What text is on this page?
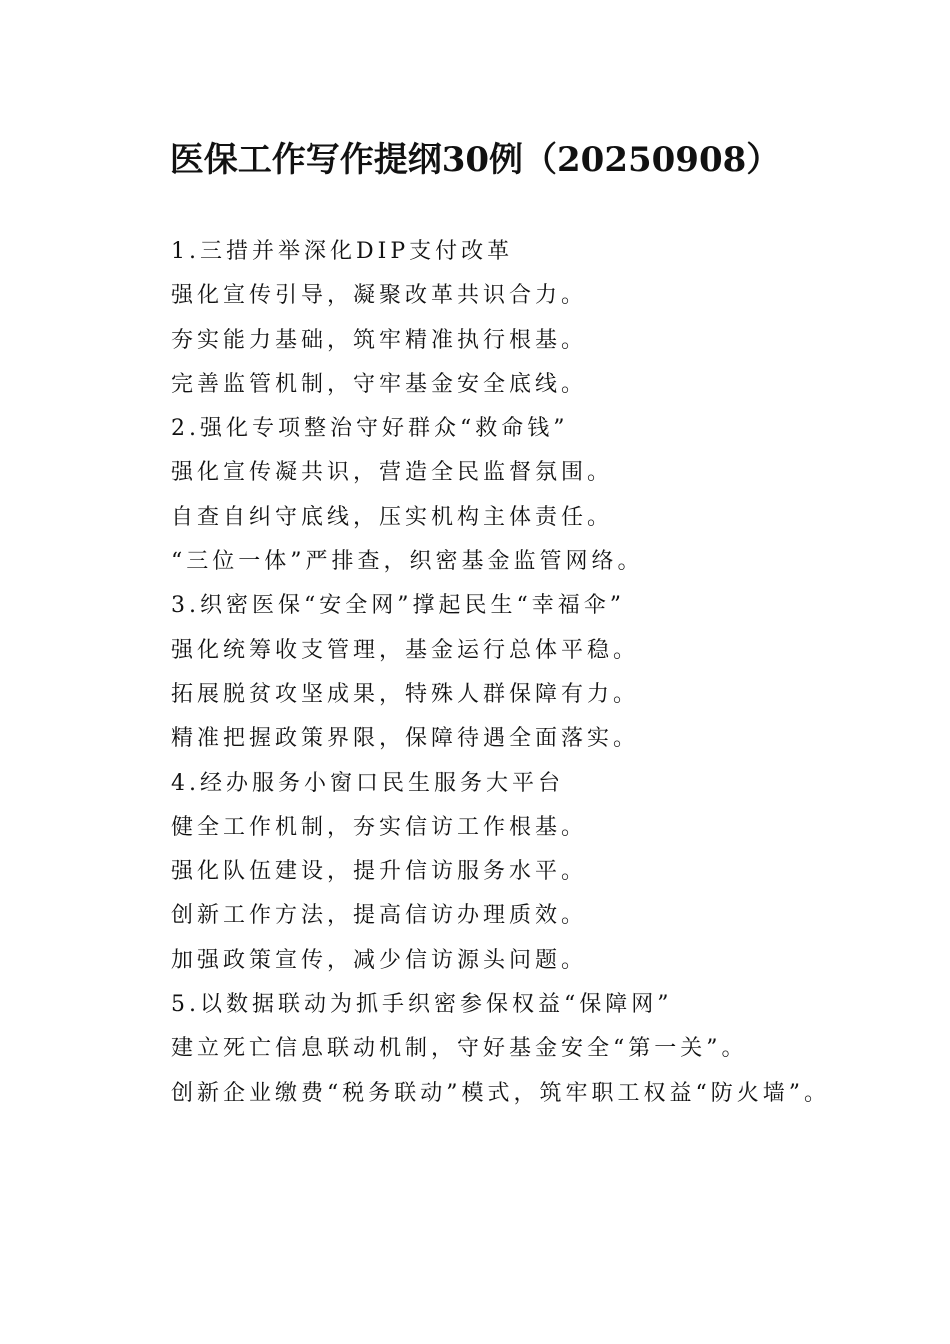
医保工作写作提纲30例（20250908）
1.三措并举深化DIP支付改革
强化宣传引导，凝聚改革共识合力。
夯实能力基础，筑牢精准执行根基。
完善监管机制，守牢基金安全底线。
2.强化专项整治守好群众“救命钱”
强化宣传凝共识，营造全民监督氛围。
自查自纠守底线，压实机构主体责任。
“三位一体”严排查，织密基金监管网络。
3.织密医保“安全网”撑起民生“幸福伞”
强化统筹收支管理，基金运行总体平稳。
拓展脱贫攻坚成果，特殊人群保障有力。
精准把握政策界限，保障待遇全面落实。
4.经办服务小窗口民生服务大平台
健全工作机制，夯实信访工作根基。
强化队伍建设，提升信访服务水平。
创新工作方法，提高信访办理质效。
加强政策宣传，减少信访源头问题。
5.以数据联动为抓手织密参保权益“保障网”
建立死亡信息联动机制，守好基金安全“第一关”。
创新企业缴费“税务联动”模式，筑牢职工权益“防火墙”。
